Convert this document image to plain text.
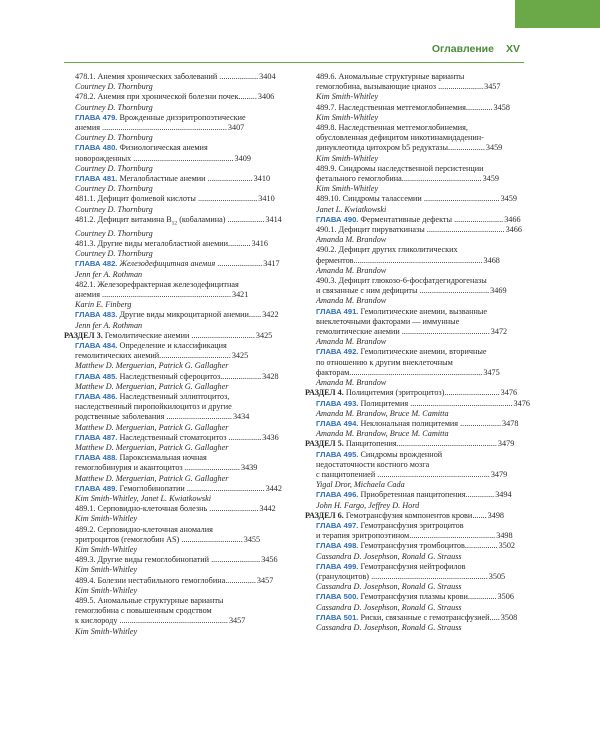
Оглавление XV
478.1. Анемия хронических заболеваний ...................3404
Courtney D. Thornburg
478.2. Анемия при хронической болезни почек.........3406
Courtney D. Thornburg
ГЛАВА 479. Врожденные дизэритропоэтические
анемия .............................................................3407
Courtney D. Thornburg
ГЛАВА 480. Физиологическая анемия
новорожденных .................................................3409
Courtney D. Thornburg
ГЛАВА 481. Мегалобластные анемии ......................3410
Courtney D. Thornburg
481.1. Дефицит фолиевой кислоты .............................3410
Courtney D. Thornburg
481.2. Дефицит витамина $В_{12}$ (кобаламина) ..................3414
Courtney D. Thornburg
481.3. Другие виды мегалобластной анемии...........3416
Courtney D. Thornburg
ГЛАВА 482. Железодефицитная анемия ......................3417
Jenn fer A. Rothman
482.1. Железорефрактерная железодефицитная
анемия ...............................................................3421
Karin E. Finberg
ГЛАВА 483. Другие виды микроцитарной анемии......3422
Jenn fer A. Rothman
РАЗДЕЛ 3. Гемолитические анемии ...............................3425
ГЛАВА 484. Определение и классификация
гемолитических анемий...................................3425
Matthew D. Merguerian, Patrick G. Gallagher
ГЛАВА 485. Наследственный сфероцитоз....................3428
Matthew D. Merguerian, Patrick G. Gallagher
ГЛАВА 486. Наследственный эллиптоцитоз,
наследственный пиропойкилоцитоз и другие
родственные заболевания ................................3434
Matthew D. Merguerian, Patrick G. Gallagher
ГЛАВА 487. Наследственный стоматоцитоз ................3436
Matthew D. Merguerian, Patrick G. Gallagher
ГЛАВА 488. Пароксизмальная ночная
гемоглобинурия и акантоцитоз ...........................3439
Matthew D. Merguerian, Patrick G. Gallagher
ГЛАВА 489. Гемоглобинопатии ......................................3442
Kim Smith-Whitley, Janet L. Kwiatkowski
489.1. Серповидно-клеточная болезнь ........................3442
Kim Smith-Whitley
489.2. Серповидно-клеточная аномалия
эритроцитов (гемоглобин AS) ..............................3455
Kim Smith-Whitley
489.3. Другие виды гемоглобинопатий ........................3456
Kim Smith-Whitley
489.4. Болезни нестабильного гемоглобина...............3457
Kim Smith-Whitley
489.5. Аномальные структурные варианты
гемоглобина с повышенным сродством
к кислороду .....................................................3457
Kim Smith-Whitley
489.6. Аномальные структурные варианты
гемоглобина, вызывающие цианоз ......................3457
Kim Smith-Whitley
489.7. Наследственная метгемоглобинемия.............3458
Kim Smith-Whitley
489.8. Наследственная метгемоглобинемия,
обусловленная дефицитом никотинамидаденин-
динуклеотида цитохром b5 редуктазы..................3459
Kim Smith-Whitley
489.9. Синдромы наследственной персистенции
фетального гемоглобина.......................................3459
Kim Smith-Whitley
489.10. Синдромы талассемии .....................................3459
Janet L. Kwiatkowski
ГЛАВА 490. Ферментативные дефекты ........................3466
490.1. Дефицит пируваткиназы ......................................3466
Amanda M. Brandow
490.2. Дефицит других гликолитических
ферментов...............................................................3468
Amanda M. Brandow
490.3. Дефицит глюкозо-6-фосфатдегидрогеназы
и связанные с ним дефициты ..................................3469
Amanda M. Brandow
ГЛАВА 491. Гемолитические анемии, вызванные
внеклеточными факторами — иммунные
гемолитические анемии ...........................................3472
Amanda M. Brandow
ГЛАВА 492. Гемолитические анемии, вторичные
по отношению к другим внеклеточным
факторам.................................................................3475
Amanda M. Brandow
РАЗДЕЛ 4. Полицитемия (эритроцитоз)...........................3476
ГЛАВА 493. Полицитемия ..................................................3476
Amanda M. Brandow, Bruce M. Camitta
ГЛАВА 494. Неклональная полицитемия ....................3478
Amanda M. Brandow, Bruce M. Camitta
РАЗДЕЛ 5. Панцитопения.................................................3479
ГЛАВА 495. Синдромы врожденной
недостаточности костного мозга
с панцитопенией .......................................................3479
Yigal Dror, Michaela Cada
ГЛАВА 496. Приобретенная панцитопения..............3494
John H. Fargo, Jeffrey D. Hord
РАЗДЕЛ 6. Гемотрансфузия компонентов крови.......3498
ГЛАВА 497. Гемотрансфузия эритроцитов
и терапия эритропоэтином..........................................3498
ГЛАВА 498. Гемотрансфузия тромбоцитов................3502
Cassandra D. Josephson, Ronald G. Strauss
ГЛАВА 499. Гемотрансфузия нейтрофилов
(гранулоцитов) .........................................................3505
Cassandra D. Josephson, Ronald G. Strauss
ГЛАВА 500. Гемотрансфузия плазмы крови..............3506
Cassandra D. Josephson, Ronald G. Strauss
ГЛАВА 501. Риски, связанные с гемотрансфузией.....3508
Cassandra D. Josephson, Ronald G. Strauss
